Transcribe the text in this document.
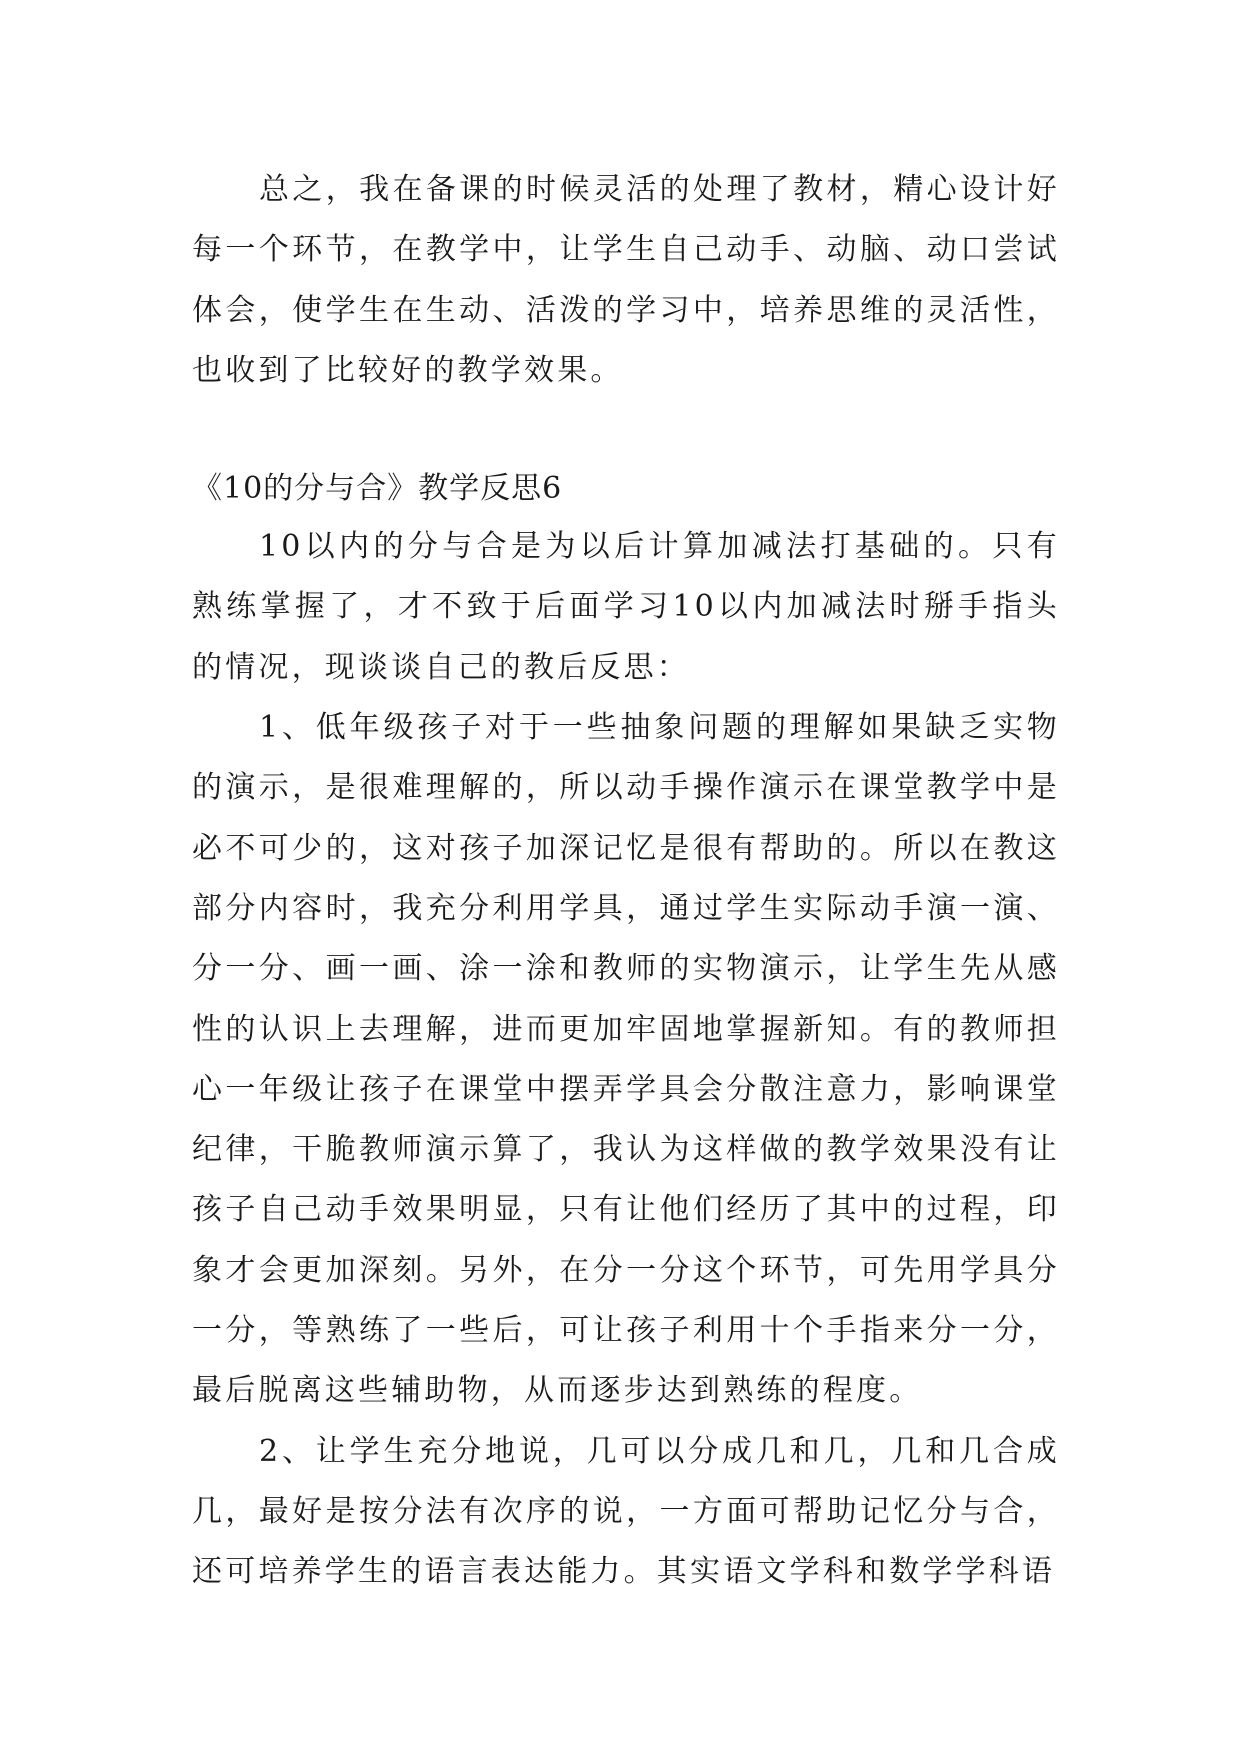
总之，我在备课的时候灵活的处理了教材，精心设计好每一个环节，在教学中，让学生自己动手、动脑、动口尝试体会，使学生在生动、活泼的学习中，培养思维的灵活性，也收到了比较好的教学效果。

《10的分与合》教学反思6

10以内的分与合是为以后计算加减法打基础的。只有熟练掌握了，才不致于后面学习10以内加减法时掰手指头的情况，现谈谈自己的教后反思：

1、低年级孩子对于一些抽象问题的理解如果缺乏实物的演示，是很难理解的，所以动手操作演示在课堂教学中是必不可少的，这对孩子加深记忆是很有帮助的。所以在教这部分内容时，我充分利用学具，通过学生实际动手演一演、分一分、画一画、涂一涂和教师的实物演示，让学生先从感性的认识上去理解，进而更加牢固地掌握新知。有的教师担心一年级让孩子在课堂中摆弄学具会分散注意力，影响课堂纪律，干脆教师演示算了，我认为这样做的教学效果没有让孩子自己动手效果明显，只有让他们经历了其中的过程，印象才会更加深刻。另外，在分一分这个环节，可先用学具分一分，等熟练了一些后，可让孩子利用十个手指来分一分，最后脱离这些辅助物，从而逐步达到熟练的程度。

2、让学生充分地说，几可以分成几和几，几和几合成几，最好是按分法有次序的说，一方面可帮助记忆分与合，还可培养学生的语言表达能力。其实语文学科和数学学科语
